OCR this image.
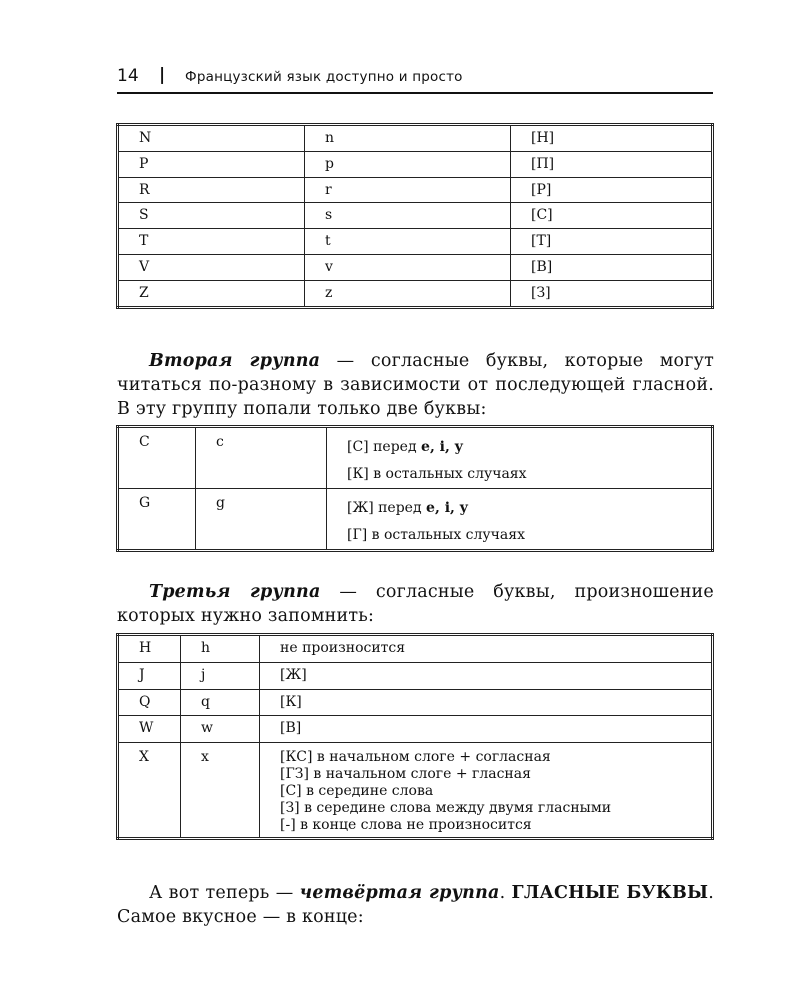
14 | Французский язык доступно и просто
N	n	[Н]
P	p	[П]
R	r	[Р]
S	s	[С]
T	t	[Т]
V	v	[В]
Z	z	[З]

Вторая группа — согласные буквы, которые могут читаться по-разному в зависимости от последующей гласной. В эту группу попали только две буквы:

C	c	[С] перед e, i, y
[К] в остальных случаях

G	g	[Ж] перед e, i, y
[Г] в остальных случаях

Третья группа — согласные буквы, произношение которых нужно запомнить:

H	h	не произносится
J	j	[Ж]
Q	q	[К]
W	w	[В]
X	x	[КС] в начальном слоге + согласная
[ГЗ] в начальном слоге + гласная
[С] в середине слова
[З] в середине слова между двумя гласными
[-] в конце слова не произносится

А вот теперь — четвёртая группа. ГЛАСНЫЕ БУКВЫ. Самое вкусное — в конце:
